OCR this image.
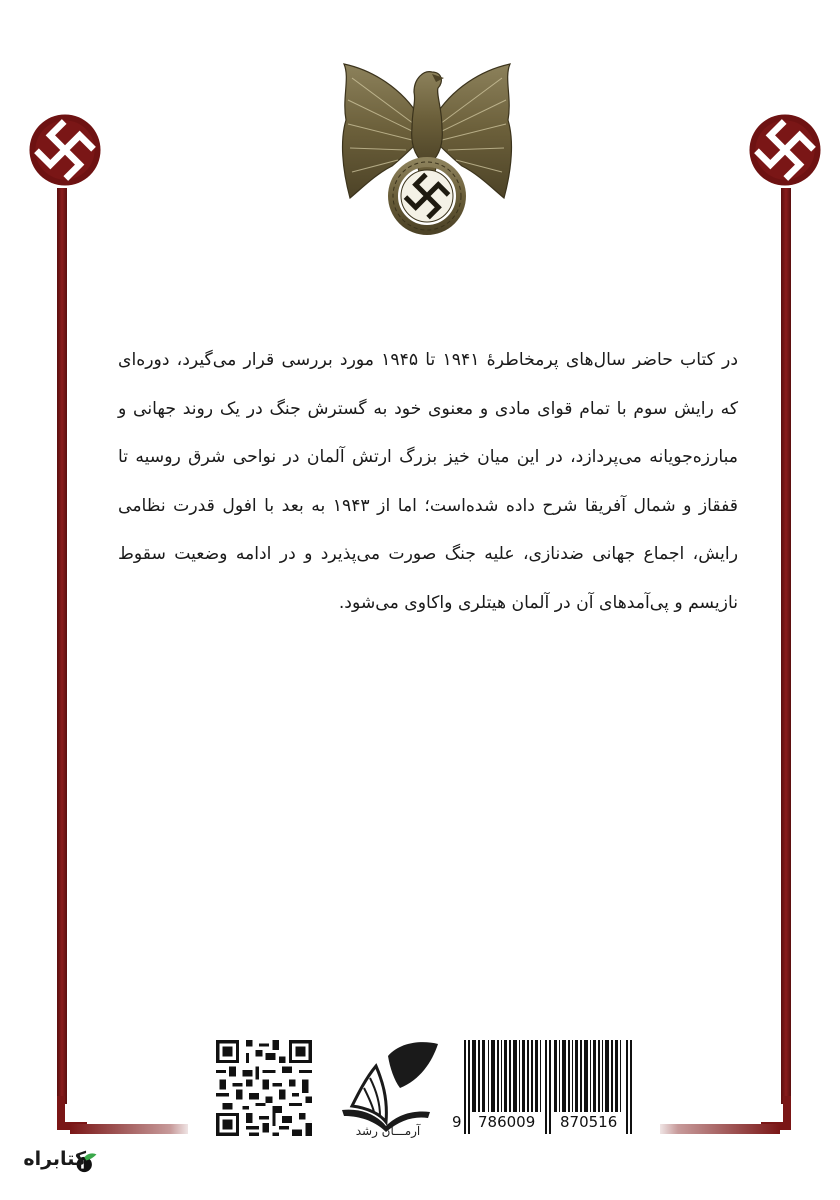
در کتاب حاضر سال‌های پرمخاطرهٔ ۱۹۴۱ تا ۱۹۴۵ مورد بررسی قرار می‌گیرد، دوره‌ای که رایش سوم با تمام قوای مادی و معنوی خود به گسترش جنگ در یک روند جهانی و مبارزه‌جویانه می‌پردازد، در این میان خیز بزرگ ارتش آلمان در نواحی شرق روسیه تا قفقاز و شمال آفریقا شرح داده شده‌است؛ اما از ۱۹۴۳ به بعد با افول قدرت نظامی رایش، اجماع جهانی ضدنازی، علیه جنگ صورت می‌پذیرد و در ادامه وضعیت سقوط نازیسم و پی‌آمدهای آن در آلمان هیتلری واکاوی می‌شود.
آرمـــان رشد	9 786009 870516
کتابراه
